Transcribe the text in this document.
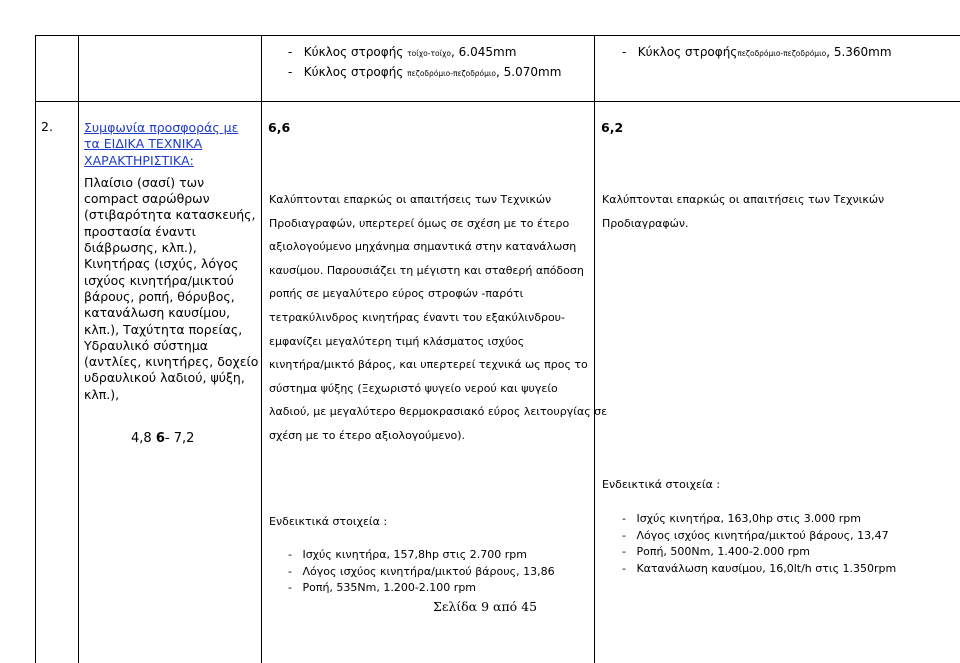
- Κύκλος στροφής τοίχο-τοίχο, 6.045mm
- Κύκλος στροφής πεζοδρόμιο-πεζοδρόμιο, 5.070mm
- Κύκλος στροφήςπεζοδρόμιο-πεζοδρόμιο, 5.360mm
2. Συμφωνία προσφοράς με

τα ΕΙΔΙΚΑ ΤΕΧΝΙΚΑ

ΧΑΡΑΚΤΗΡΙΣΤΙΚΑ:

Πλαίσιο (σασί) των

compact σαρώθρων

(στιβαρότητα κατασκευής,

προστασία έναντι

διάβρωσης, κλπ.),

Κινητήρας (ισχύς, λόγος

ισχύος κινητήρα/μικτού

βάρους, ροπή, θόρυβος,

κατανάλωση καυσίμου,

κλπ.), Ταχύτητα πορείας,

Υδραυλικό σύστημα

(αντλίες, κινητήρες, δοχείο

υδραυλικού λαδιού, ψύξη,

κλπ.),

4,8 6- 7,2
6,6
Καλύπτονται επαρκώς οι απαιτήσεις των Τεχνικών
Προδιαγραφών, υπερτερεί όμως σε σχέση με το έτερο
αξιολογούμενο μηχάνημα σημαντικά στην κατανάλωση
καυσίμου. Παρουσιάζει τη μέγιστη και σταθερή απόδοση
ροπής σε μεγαλύτερο εύρος στροφών -παρότι
τετρακύλινδρος κινητήρας έναντι του εξακύλινδρου-
εμφανίζει μεγαλύτερη τιμή κλάσματος ισχύος
κινητήρα/μικτό βάρος, και υπερτερεί τεχνικά ως προς το
σύστημα ψύξης (Ξεχωριστό ψυγείο νερού και ψυγείο
λαδιού, με μεγαλύτερο θερμοκρασιακό εύρος λειτουργίας σε
σχέση με το έτερο αξιολογούμενο).
Ενδεικτικά στοιχεία :
-   Ισχύς κινητήρα, 157,8hp στις 2.700 rpm
-   Λόγος ισχύος κινητήρα/μικτού βάρους, 13,86
-   Ροπή, 535Nm, 1.200-2.100 rpm
6,2
Καλύπτονται επαρκώς οι απαιτήσεις των Τεχνικών
Προδιαγραφών.
Ενδεικτικά στοιχεία :
-   Ισχύς κινητήρα, 163,0hp στις 3.000 rpm
-   Λόγος ισχύος κινητήρα/μικτού βάρους, 13,47
-   Ροπή, 500Nm, 1.400-2.000 rpm
-   Κατανάλωση καυσίμου, 16,0lt/h στις 1.350rpm
Σελίδα 9 από 45
